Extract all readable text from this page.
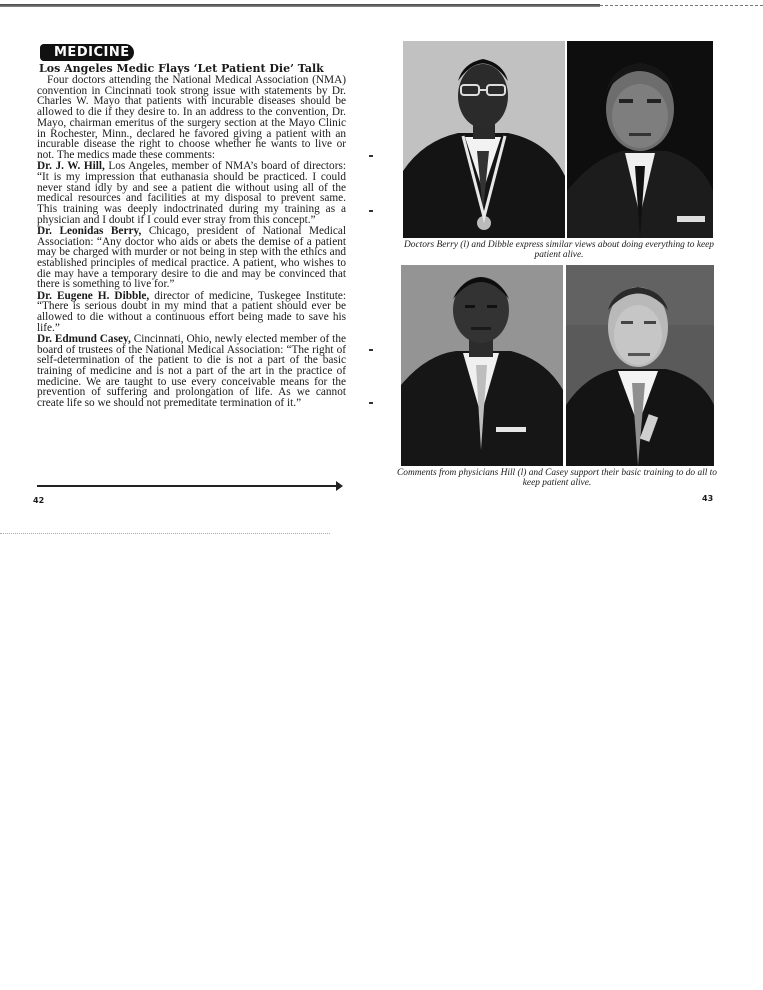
MEDICINE
Los Angeles Medic Flays ‘Let Patient Die’ Talk

Four doctors attending the National Medical Association (NMA) convention in Cincinnati took strong issue with statements by Dr. Charles W. Mayo that patients with incurable diseases should be allowed to die if they desire to. In an address to the convention, Dr. Mayo, chairman emeritus of the surgery section at the Mayo Clinic in Rochester, Minn., declared he favored giving a patient with an incurable disease the right to choose whether he wants to live or not. The medics made these comments:

Dr. J. W. Hill, Los Angeles, member of NMA’s board of directors: “It is my impression that euthanasia should be practiced. I could never stand idly by and see a patient die without using all of the medical resources and facilities at my disposal to prevent same. This training was deeply indoctrinated during my training as a physician and I doubt if I could ever stray from this concept.”

Dr. Leonidas Berry, Chicago, president of National Medical Association: “Any doctor who aids or abets the demise of a patient may be charged with murder or not being in step with the ethics and established principles of medical practice. A patient, who wishes to die may have a temporary desire to die and may be convinced that there is something to live for.”

Dr. Eugene H. Dibble, director of medicine, Tuskegee Institute: “There is serious doubt in my mind that a patient should ever be allowed to die without a continuous effort being made to save his life.”

Dr. Edmund Casey, Cincinnati, Ohio, newly elected member of the board of trustees of the National Medical Association: “The right of self-determination of the patient to die is not a part of the basic training of medicine and is not a part of the art in the practice of medicine. We are taught to use every conceivable means for the prevention of suffering and prolongation of life. As we cannot create life so we should not premeditate termination of it.”

42	43
Doctors Berry (l) and Dibble express similar views about doing everything to keep patient alive.
Comments from physicians Hill (l) and Casey support their basic training to do all to keep patient alive.
